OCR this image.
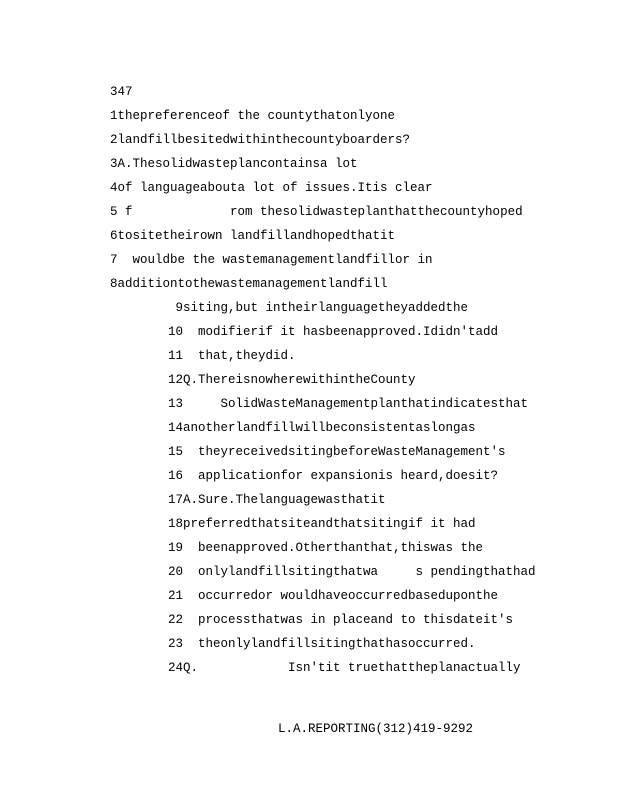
347
1thepreferenceof the countythatonlyone
2landfillbesitedwithinthecountyboarders?
3A.Thesolidwasteplancontainsa lot
4of languageabouta lot of issues.Itis clear
5 f             rom thesolidwasteplanthatthecountyhoped
6tositetheirown landfillandhopedthatit
7  wouldbe the wastemanagementlandfillor in
8additiontothewastemanagementlandfill
9siting,but intheirlanguagetheyaddedthe
10  modifierif it hasbeenapproved.Ididn'tadd
11  that,theydid.
12Q.ThereisnowherewithintheCounty
13     SolidWasteManagementplanthatindicatesthat
14anotherlandfillwillbeconsistentaslongas
15  theyreceivedsitingbeforeWasteManagement's
16  applicationfor expansionis heard,doesit?
17A.Sure.Thelanguagewasthatit
18preferredthatsiteandthatsitingif it had
19  beenapproved.Otherthanthat,thiswas the
20  onlylandfillsitingthatwa     s pendingthathad
21  occurredor wouldhaveoccurredbaseduponthe
22  processthatwas in placeand to thisdateit's
23  theonlylandfillsitingthathasoccurred.
24Q.            Isn'tit truethattheplanactually
L.A.REPORTING(312)419-9292
